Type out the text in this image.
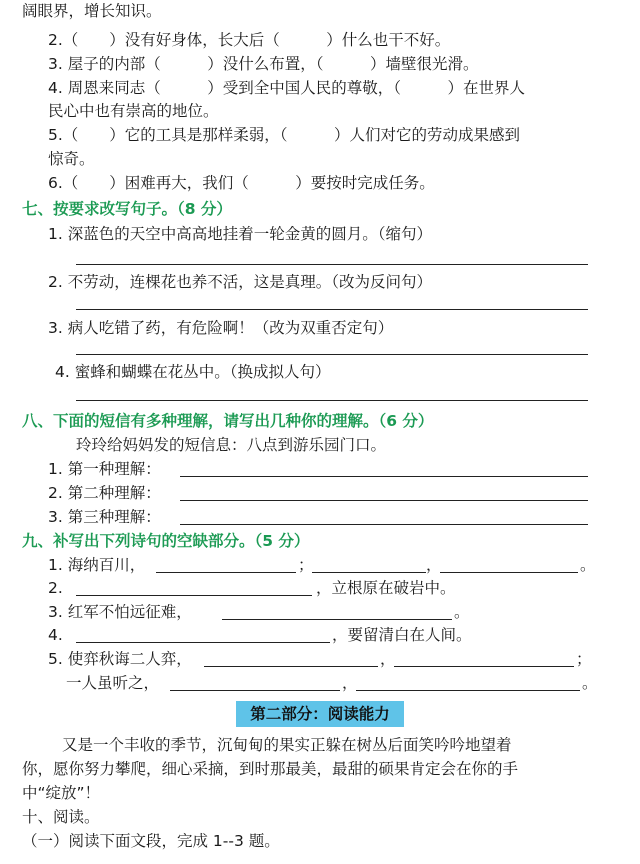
阔眼界，增长知识。
2.（　　）没有好身体，长大后（　　　）什么也干不好。
3. 屋子的内部（　　　）没什么布置，（　　　）墙壁很光滑。
4. 周恩来同志（　　　）受到全中国人民的尊敬，（　　　）在世界人
民心中也有崇高的地位。
5.（　　）它的工具是那样柔弱，（　　　）人们对它的劳动成果感到
惊奇。
6.（　　）困难再大，我们（　　　）要按时完成任务。
七、按要求改写句子。（8 分）
1. 深蓝色的天空中高高地挂着一轮金黄的圆月。（缩句）
2. 不劳动，连棵花也养不活，这是真理。（改为反问句）
3. 病人吃错了药，有危险啊！（改为双重否定句）
4. 蜜蜂和蝴蝶在花丛中。（换成拟人句）
八、下面的短信有多种理解，请写出几种你的理解。（6 分）
玲玲给妈妈发的短信息：八点到游乐园门口。
1. 第一种理解：
2. 第二种理解：
3. 第三种理解：
九、补写出下列诗句的空缺部分。（5 分）
1. 海纳百川，	；	，	。
2.	，立根原在破岩中。
3. 红军不怕远征难，	。
4.	，要留清白在人间。
5. 使弈秋诲二人弈，	，	；
一人虽听之，	，	。
第二部分：阅读能力
又是一个丰收的季节，沉甸甸的果实正躲在树丛后面笑吟吟地望着
你，愿你努力攀爬，细心采摘，到时那最美，最甜的硕果肯定会在你的手
中“绽放”！
十、阅读。
（一）阅读下面文段，完成 1--3 题。
